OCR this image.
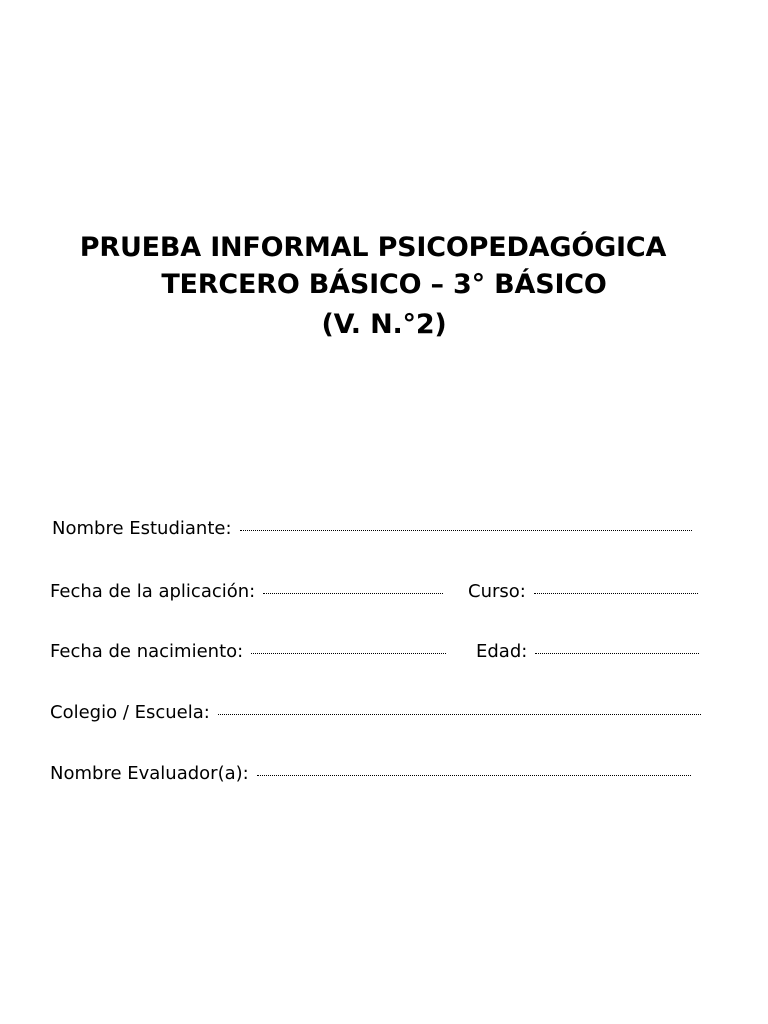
PRUEBA INFORMAL PSICOPEDAGÓGICA
TERCERO BÁSICO – 3° BÁSICO
(V. N.°2)
Nombre Estudiante:
Fecha de la aplicación:	Curso:
Fecha de nacimiento:	Edad:
Colegio / Escuela:
Nombre Evaluador(a):
